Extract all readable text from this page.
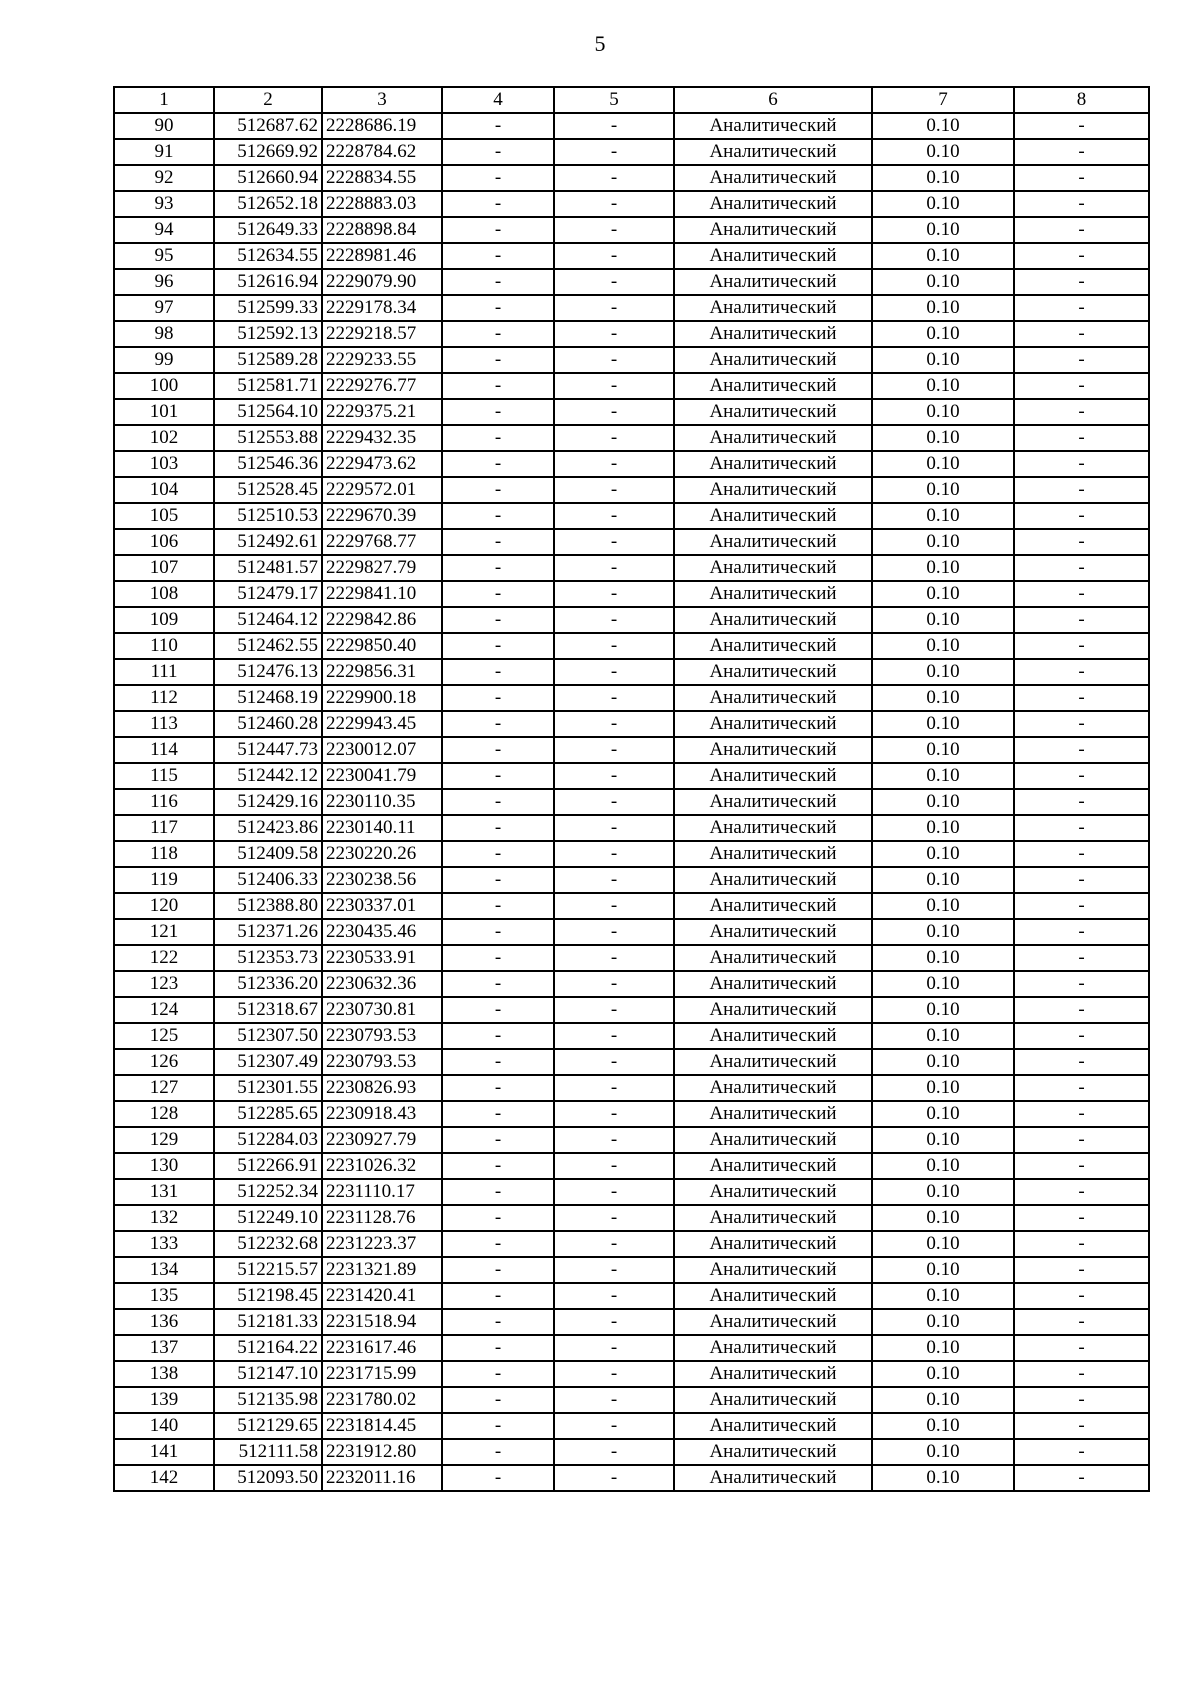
5
1	2	3	4	5	6	7	8
90	512687.62	2228686.19	-	-	Аналитический	0.10	-
91	512669.92	2228784.62	-	-	Аналитический	0.10	-
92	512660.94	2228834.55	-	-	Аналитический	0.10	-
93	512652.18	2228883.03	-	-	Аналитический	0.10	-
94	512649.33	2228898.84	-	-	Аналитический	0.10	-
95	512634.55	2228981.46	-	-	Аналитический	0.10	-
96	512616.94	2229079.90	-	-	Аналитический	0.10	-
97	512599.33	2229178.34	-	-	Аналитический	0.10	-
98	512592.13	2229218.57	-	-	Аналитический	0.10	-
99	512589.28	2229233.55	-	-	Аналитический	0.10	-
100	512581.71	2229276.77	-	-	Аналитический	0.10	-
101	512564.10	2229375.21	-	-	Аналитический	0.10	-
102	512553.88	2229432.35	-	-	Аналитический	0.10	-
103	512546.36	2229473.62	-	-	Аналитический	0.10	-
104	512528.45	2229572.01	-	-	Аналитический	0.10	-
105	512510.53	2229670.39	-	-	Аналитический	0.10	-
106	512492.61	2229768.77	-	-	Аналитический	0.10	-
107	512481.57	2229827.79	-	-	Аналитический	0.10	-
108	512479.17	2229841.10	-	-	Аналитический	0.10	-
109	512464.12	2229842.86	-	-	Аналитический	0.10	-
110	512462.55	2229850.40	-	-	Аналитический	0.10	-
111	512476.13	2229856.31	-	-	Аналитический	0.10	-
112	512468.19	2229900.18	-	-	Аналитический	0.10	-
113	512460.28	2229943.45	-	-	Аналитический	0.10	-
114	512447.73	2230012.07	-	-	Аналитический	0.10	-
115	512442.12	2230041.79	-	-	Аналитический	0.10	-
116	512429.16	2230110.35	-	-	Аналитический	0.10	-
117	512423.86	2230140.11	-	-	Аналитический	0.10	-
118	512409.58	2230220.26	-	-	Аналитический	0.10	-
119	512406.33	2230238.56	-	-	Аналитический	0.10	-
120	512388.80	2230337.01	-	-	Аналитический	0.10	-
121	512371.26	2230435.46	-	-	Аналитический	0.10	-
122	512353.73	2230533.91	-	-	Аналитический	0.10	-
123	512336.20	2230632.36	-	-	Аналитический	0.10	-
124	512318.67	2230730.81	-	-	Аналитический	0.10	-
125	512307.50	2230793.53	-	-	Аналитический	0.10	-
126	512307.49	2230793.53	-	-	Аналитический	0.10	-
127	512301.55	2230826.93	-	-	Аналитический	0.10	-
128	512285.65	2230918.43	-	-	Аналитический	0.10	-
129	512284.03	2230927.79	-	-	Аналитический	0.10	-
130	512266.91	2231026.32	-	-	Аналитический	0.10	-
131	512252.34	2231110.17	-	-	Аналитический	0.10	-
132	512249.10	2231128.76	-	-	Аналитический	0.10	-
133	512232.68	2231223.37	-	-	Аналитический	0.10	-
134	512215.57	2231321.89	-	-	Аналитический	0.10	-
135	512198.45	2231420.41	-	-	Аналитический	0.10	-
136	512181.33	2231518.94	-	-	Аналитический	0.10	-
137	512164.22	2231617.46	-	-	Аналитический	0.10	-
138	512147.10	2231715.99	-	-	Аналитический	0.10	-
139	512135.98	2231780.02	-	-	Аналитический	0.10	-
140	512129.65	2231814.45	-	-	Аналитический	0.10	-
141	512111.58	2231912.80	-	-	Аналитический	0.10	-
142	512093.50	2232011.16	-	-	Аналитический	0.10	-
